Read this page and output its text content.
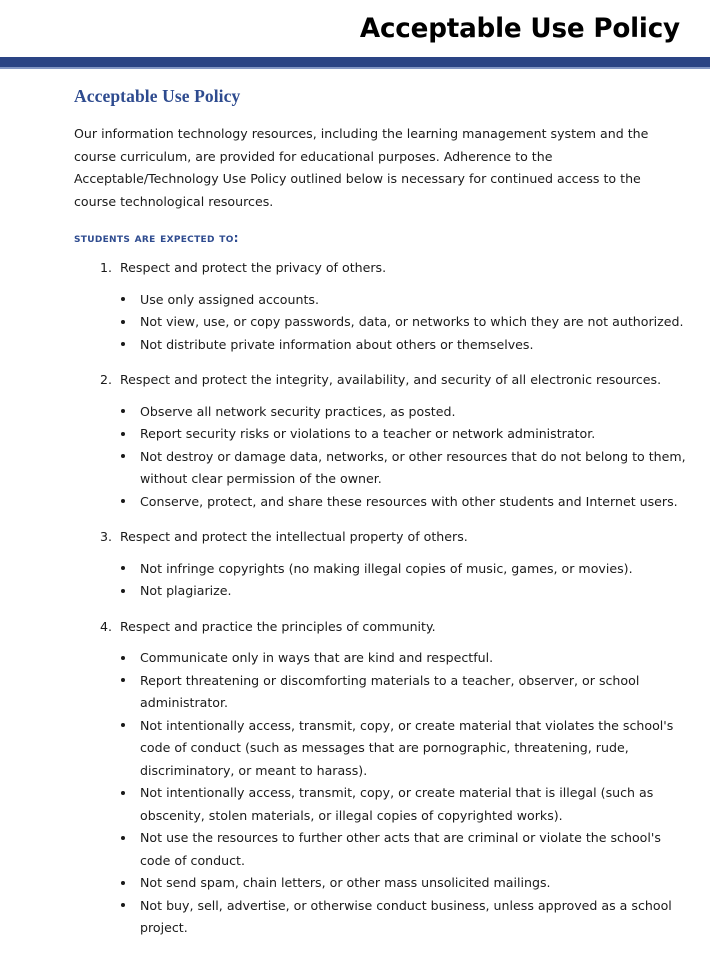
Acceptable Use Policy
Acceptable Use Policy

Our information technology resources, including the learning management system and the course curriculum, are provided for educational purposes. Adherence to the Acceptable/Technology Use Policy outlined below is necessary for continued access to the course technological resources.

students are expected to:
1. Respect and protect the privacy of others.
Use only assigned accounts.
Not view, use, or copy passwords, data, or networks to which they are not authorized.
Not distribute private information about others or themselves.
2. Respect and protect the integrity, availability, and security of all electronic resources.
Observe all network security practices, as posted.
Report security risks or violations to a teacher or network administrator.
Not destroy or damage data, networks, or other resources that do not belong to them, without clear permission of the owner.
Conserve, protect, and share these resources with other students and Internet users.
3. Respect and protect the intellectual property of others.
Not infringe copyrights (no making illegal copies of music, games, or movies).
Not plagiarize.
4. Respect and practice the principles of community.
Communicate only in ways that are kind and respectful.
Report threatening or discomforting materials to a teacher, observer, or school administrator.
Not intentionally access, transmit, copy, or create material that violates the school's code of conduct (such as messages that are pornographic, threatening, rude, discriminatory, or meant to harass).
Not intentionally access, transmit, copy, or create material that is illegal (such as obscenity, stolen materials, or illegal copies of copyrighted works).
Not use the resources to further other acts that are criminal or violate the school's code of conduct.
Not send spam, chain letters, or other mass unsolicited mailings.
Not buy, sell, advertise, or otherwise conduct business, unless approved as a school project.
